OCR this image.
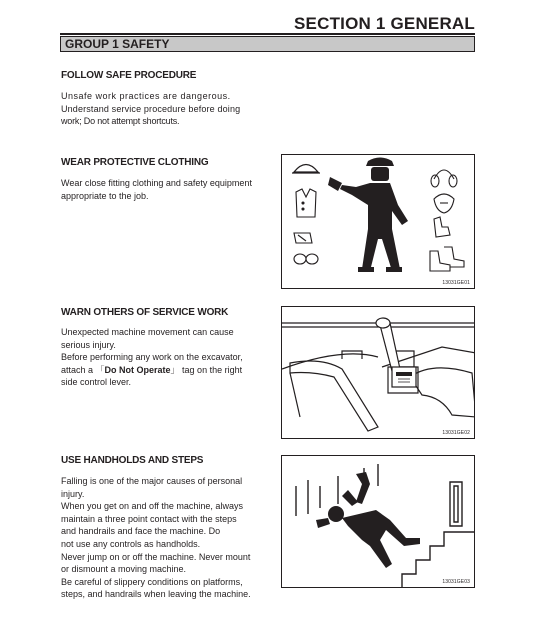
SECTION 1 GENERAL
GROUP 1 SAFETY
FOLLOW SAFE PROCEDURE

Unsafe work practices are dangerous.

Understand service procedure before doing

work; Do not attempt shortcuts.

WEAR PROTECTIVE CLOTHING

Wear close fitting clothing and safety equipment

appropriate to the job.

13031GE01
WARN OTHERS OF SERVICE WORK

Unexpected machine movement can cause

serious injury.

Before performing any work on the excavator,

attach a 「Do Not Operate」 tag on the right

side control lever.

13031GE02
USE HANDHOLDS AND STEPS

Falling is one of the major causes of personal

injury.

When you get on and off the machine, always

maintain a three point contact with the steps

and handrails and face the machine. Do

not use any controls as handholds.

Never jump on or off the machine. Never mount

or dismount a moving machine.

Be careful of slippery conditions on platforms,

steps, and handrails when leaving the machine.

13031GE03
